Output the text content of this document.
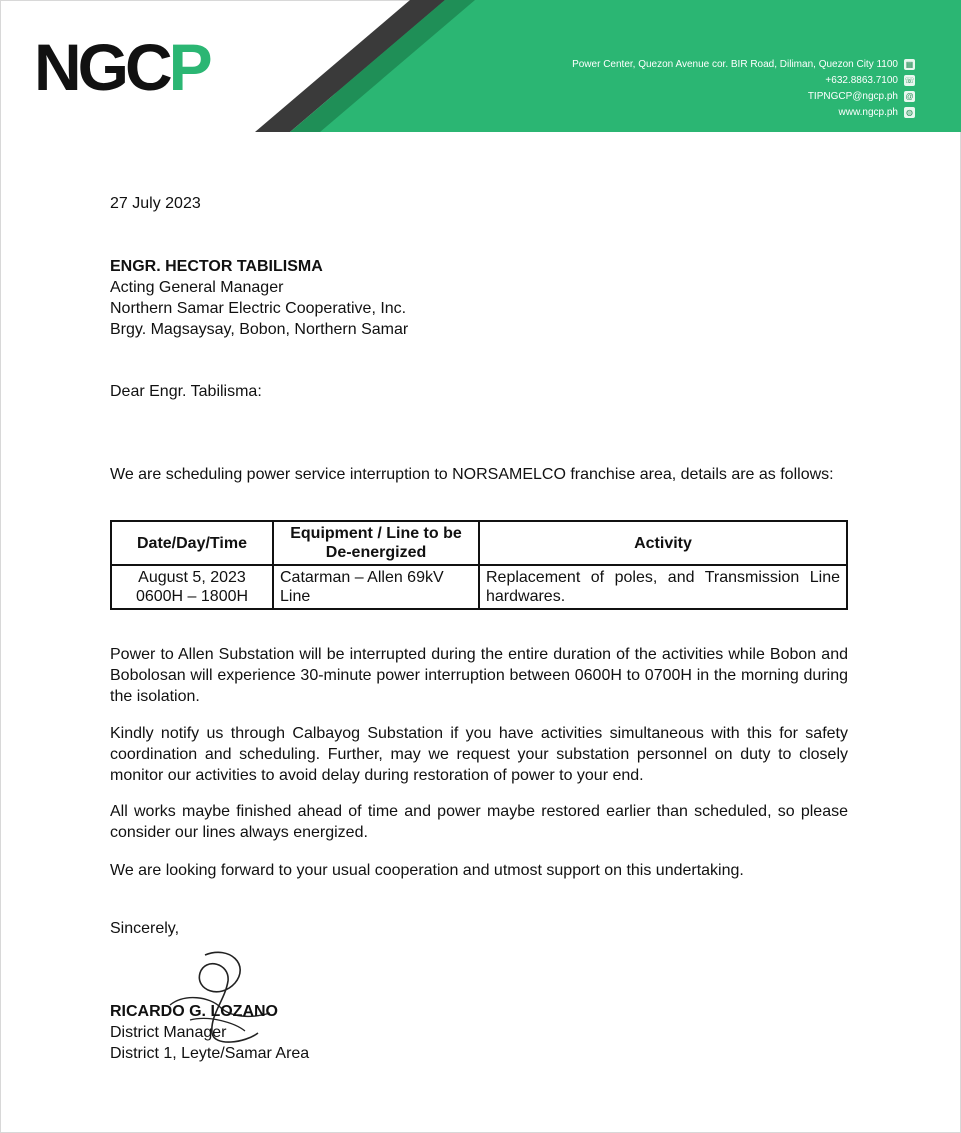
NGCP	Power Center, Quezon Avenue cor. BIR Road, Diliman, Quezon City 1100 ▦
+632.8863.7100 ☏
TIPNGCP@ngcp.ph @
www.ngcp.ph ◍
27 July 2023
ENGR. HECTOR TABILISMA
Acting General Manager
Northern Samar Electric Cooperative, Inc.
Brgy. Magsaysay, Bobon, Northern Samar
Dear Engr. Tabilisma:
We are scheduling power service interruption to NORSAMELCO franchise area, details are as follows:
Date/Day/Time	Equipment / Line to be De-energized	Activity

August 5, 2023
0600H – 1800H	Catarman – Allen 69kV Line	Replacement of poles, and Transmission Line hardwares.
Power to Allen Substation will be interrupted during the entire duration of the activities while Bobon and Bobolosan will experience 30-minute power interruption between 0600H to 0700H in the morning during the isolation.
Kindly notify us through Calbayog Substation if you have activities simultaneous with this for safety coordination and scheduling. Further, may we request your substation personnel on duty to closely monitor our activities to avoid delay during restoration of power to your end.
All works maybe finished ahead of time and power maybe restored earlier than scheduled, so please consider our lines always energized.
We are looking forward to your usual cooperation and utmost support on this undertaking.
Sincerely,
RICARDO G. LOZANO
District Manager
District 1, Leyte/Samar Area
